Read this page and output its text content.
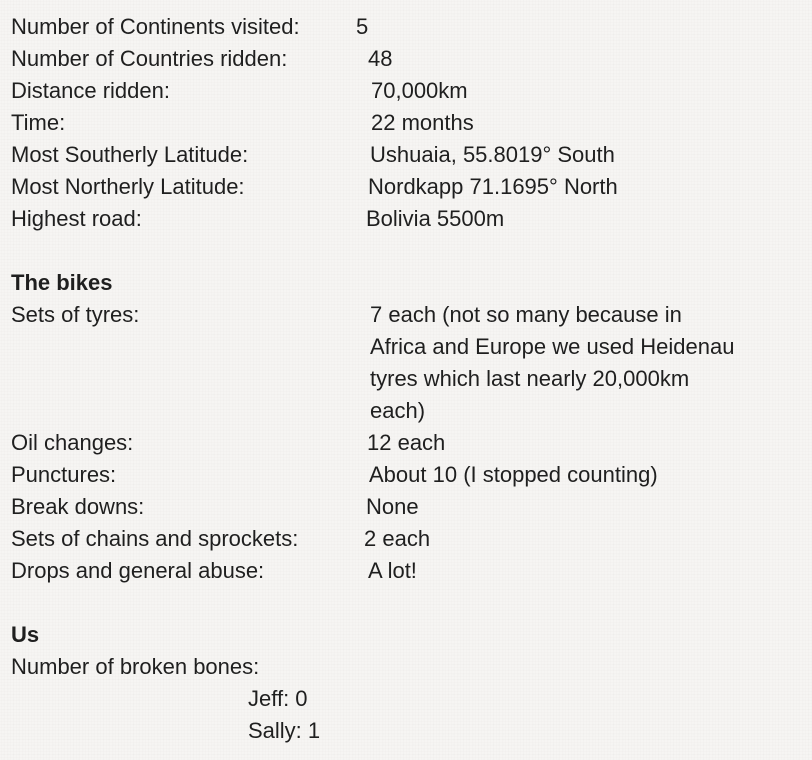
Number of Continents visited:	5
Number of Countries ridden:	48
Distance ridden:	70,000km
Time:	22 months
Most Southerly Latitude:	Ushuaia, 55.8019° South
Most Northerly Latitude:	Nordkapp 71.1695° North
Highest road:	Bolivia 5500m
The bikes
Sets of tyres:	7 each (not so many because in
Africa and Europe we used Heidenau
tyres which last nearly 20,000km
each)
Oil changes:	12 each
Punctures:	About 10 (I stopped counting)
Break downs:	None
Sets of chains and sprockets:	2 each
Drops and general abuse:	A lot!
Us
Number of broken bones:
Jeff: 0
Sally: 1
